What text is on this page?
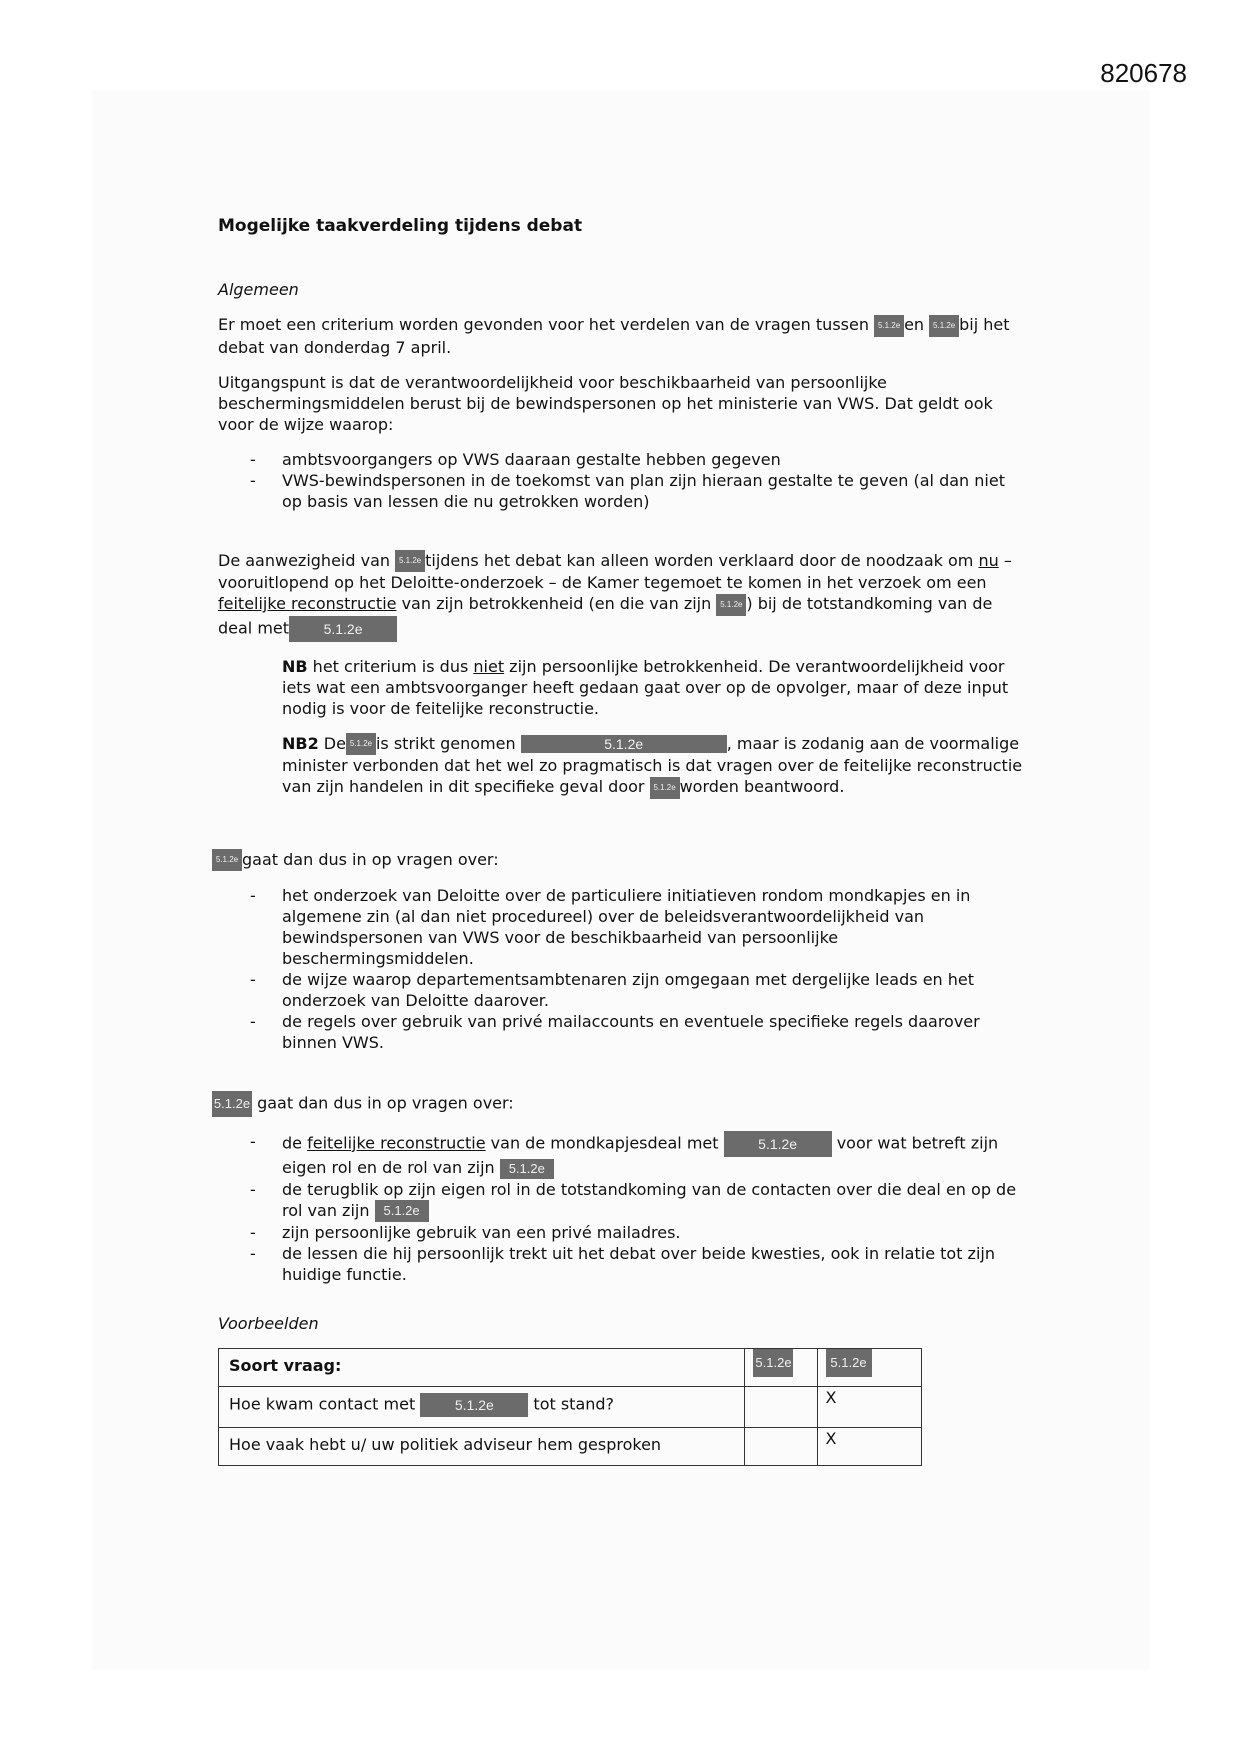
820678
Mogelijke taakverdeling tijdens debat
Algemeen

Er moet een criterium worden gevonden voor het verdelen van de vragen tussen 5.1.2e en 5.1.2e bij het debat van donderdag 7 april.

Uitgangspunt is dat de verantwoordelijkheid voor beschikbaarheid van persoonlijke beschermingsmiddelen berust bij de bewindspersonen op het ministerie van VWS. Dat geldt ook voor de wijze waarop:

- ambtsvoorgangers op VWS daaraan gestalte hebben gegeven
- VWS-bewindspersonen in de toekomst van plan zijn hieraan gestalte te geven (al dan niet op basis van lessen die nu getrokken worden)

De aanwezigheid van 5.1.2e tijdens het debat kan alleen worden verklaard door de noodzaak om nu – vooruitlopend op het Deloitte-onderzoek – de Kamer tegemoet te komen in het verzoek om een feitelijke reconstructie van zijn betrokkenheid (en die van zijn 5.1.2e ) bij de totstandkoming van de deal met 5.1.2e

NB het criterium is dus niet zijn persoonlijke betrokkenheid. De verantwoordelijkheid voor iets wat een ambtsvoorganger heeft gedaan gaat over op de opvolger, maar of deze input nodig is voor de feitelijke reconstructie.

NB2 De 5.1.2e is strikt genomen	5.1.2e	, maar is zodanig aan de voormalige minister verbonden dat het wel zo pragmatisch is dat vragen over de feitelijke reconstructie van zijn handelen in dit specifieke geval door 5.1.2e worden beantwoord.

5.1.2e gaat dan dus in op vragen over:

- het onderzoek van Deloitte over de particuliere initiatieven rondom mondkapjes en in algemene zin (al dan niet procedureel) over de beleidsverantwoordelijkheid van bewindspersonen van VWS voor de beschikbaarheid van persoonlijke beschermingsmiddelen.
- de wijze waarop departementsambtenaren zijn omgegaan met dergelijke leads en het onderzoek van Deloitte daarover.
- de regels over gebruik van privé mailaccounts en eventuele specifieke regels daarover binnen VWS.

5.1.2e gaat dan dus in op vragen over:

- de feitelijke reconstructie van de mondkapjesdeal met 5.1.2e voor wat betreft zijn eigen rol en de rol van zijn 5.1.2e
- de terugblik op zijn eigen rol in de totstandkoming van de contacten over die deal en op de rol van zijn 5.1.2e
- zijn persoonlijke gebruik van een privé mailadres.
- de lessen die hij persoonlijk trekt uit het debat over beide kwesties, ook in relatie tot zijn huidige functie.
Voorbeelden
Soort vraag:	5.1.2e	5.1.2e
Hoe kwam contact met 5.1.2e tot stand?		X
Hoe vaak hebt u/ uw politiek adviseur hem gesproken		X
